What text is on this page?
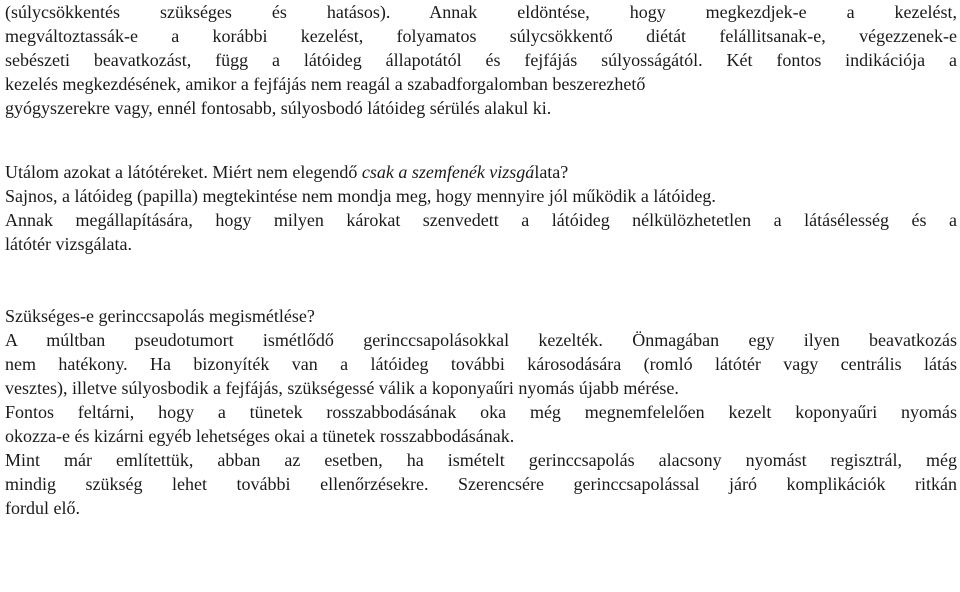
(súlycsökkentés szükséges és hatásos). Annak eldöntése, hogy megkezdjek-e a kezelést,
megváltoztassák-e a korábbi kezelést, folyamatos súlycsökkentő diétát felállitsanak-e, végezzenek-e
sebészeti beavatkozást, függ a látóideg állapotától és fejfájás súlyosságától. Két fontos indikációja a
kezelés megkezdésének, amikor a fejfájás nem reagál a szabadforgalomban beszerezhető
gyógyszerekre vagy, ennél fontosabb, súlyosbodó látóideg sérülés alakul ki.
Utálom azokat a látótéreket. Miért nem elegendő csak a szemfenék vizsgálata?
Sajnos, a látóideg (papilla) megtekintése nem mondja meg, hogy mennyire jól működik a látóideg.
Annak megállapítására, hogy milyen károkat szenvedett a látóideg nélkülözhetetlen a látásélesség és a
látótér vizsgálata.
Szükséges-e gerinccsapolás megismétlése?
A múltban pseudotumort ismétlődő gerinccsapolásokkal kezelték. Önmagában egy ilyen beavatkozás
nem hatékony. Ha bizonyíték van a látóideg további károsodására (romló látótér vagy centrális látás
vesztes), illetve súlyosbodik a fejfájás, szükségessé válik a koponyaűri nyomás újabb mérése.
Fontos feltárni, hogy a tünetek rosszabbodásának oka még megnemfelelően kezelt koponyaűri nyomás
okozza-e és kizárni egyéb lehetséges okai a tünetek rosszabbodásának.
Mint már említettük, abban az esetben, ha ismételt gerinccsapolás alacsony nyomást regisztrál, még
mindig szükség lehet további ellenőrzésekre. Szerencsére gerinccsapolással járó komplikációk ritkán
fordul elő.
